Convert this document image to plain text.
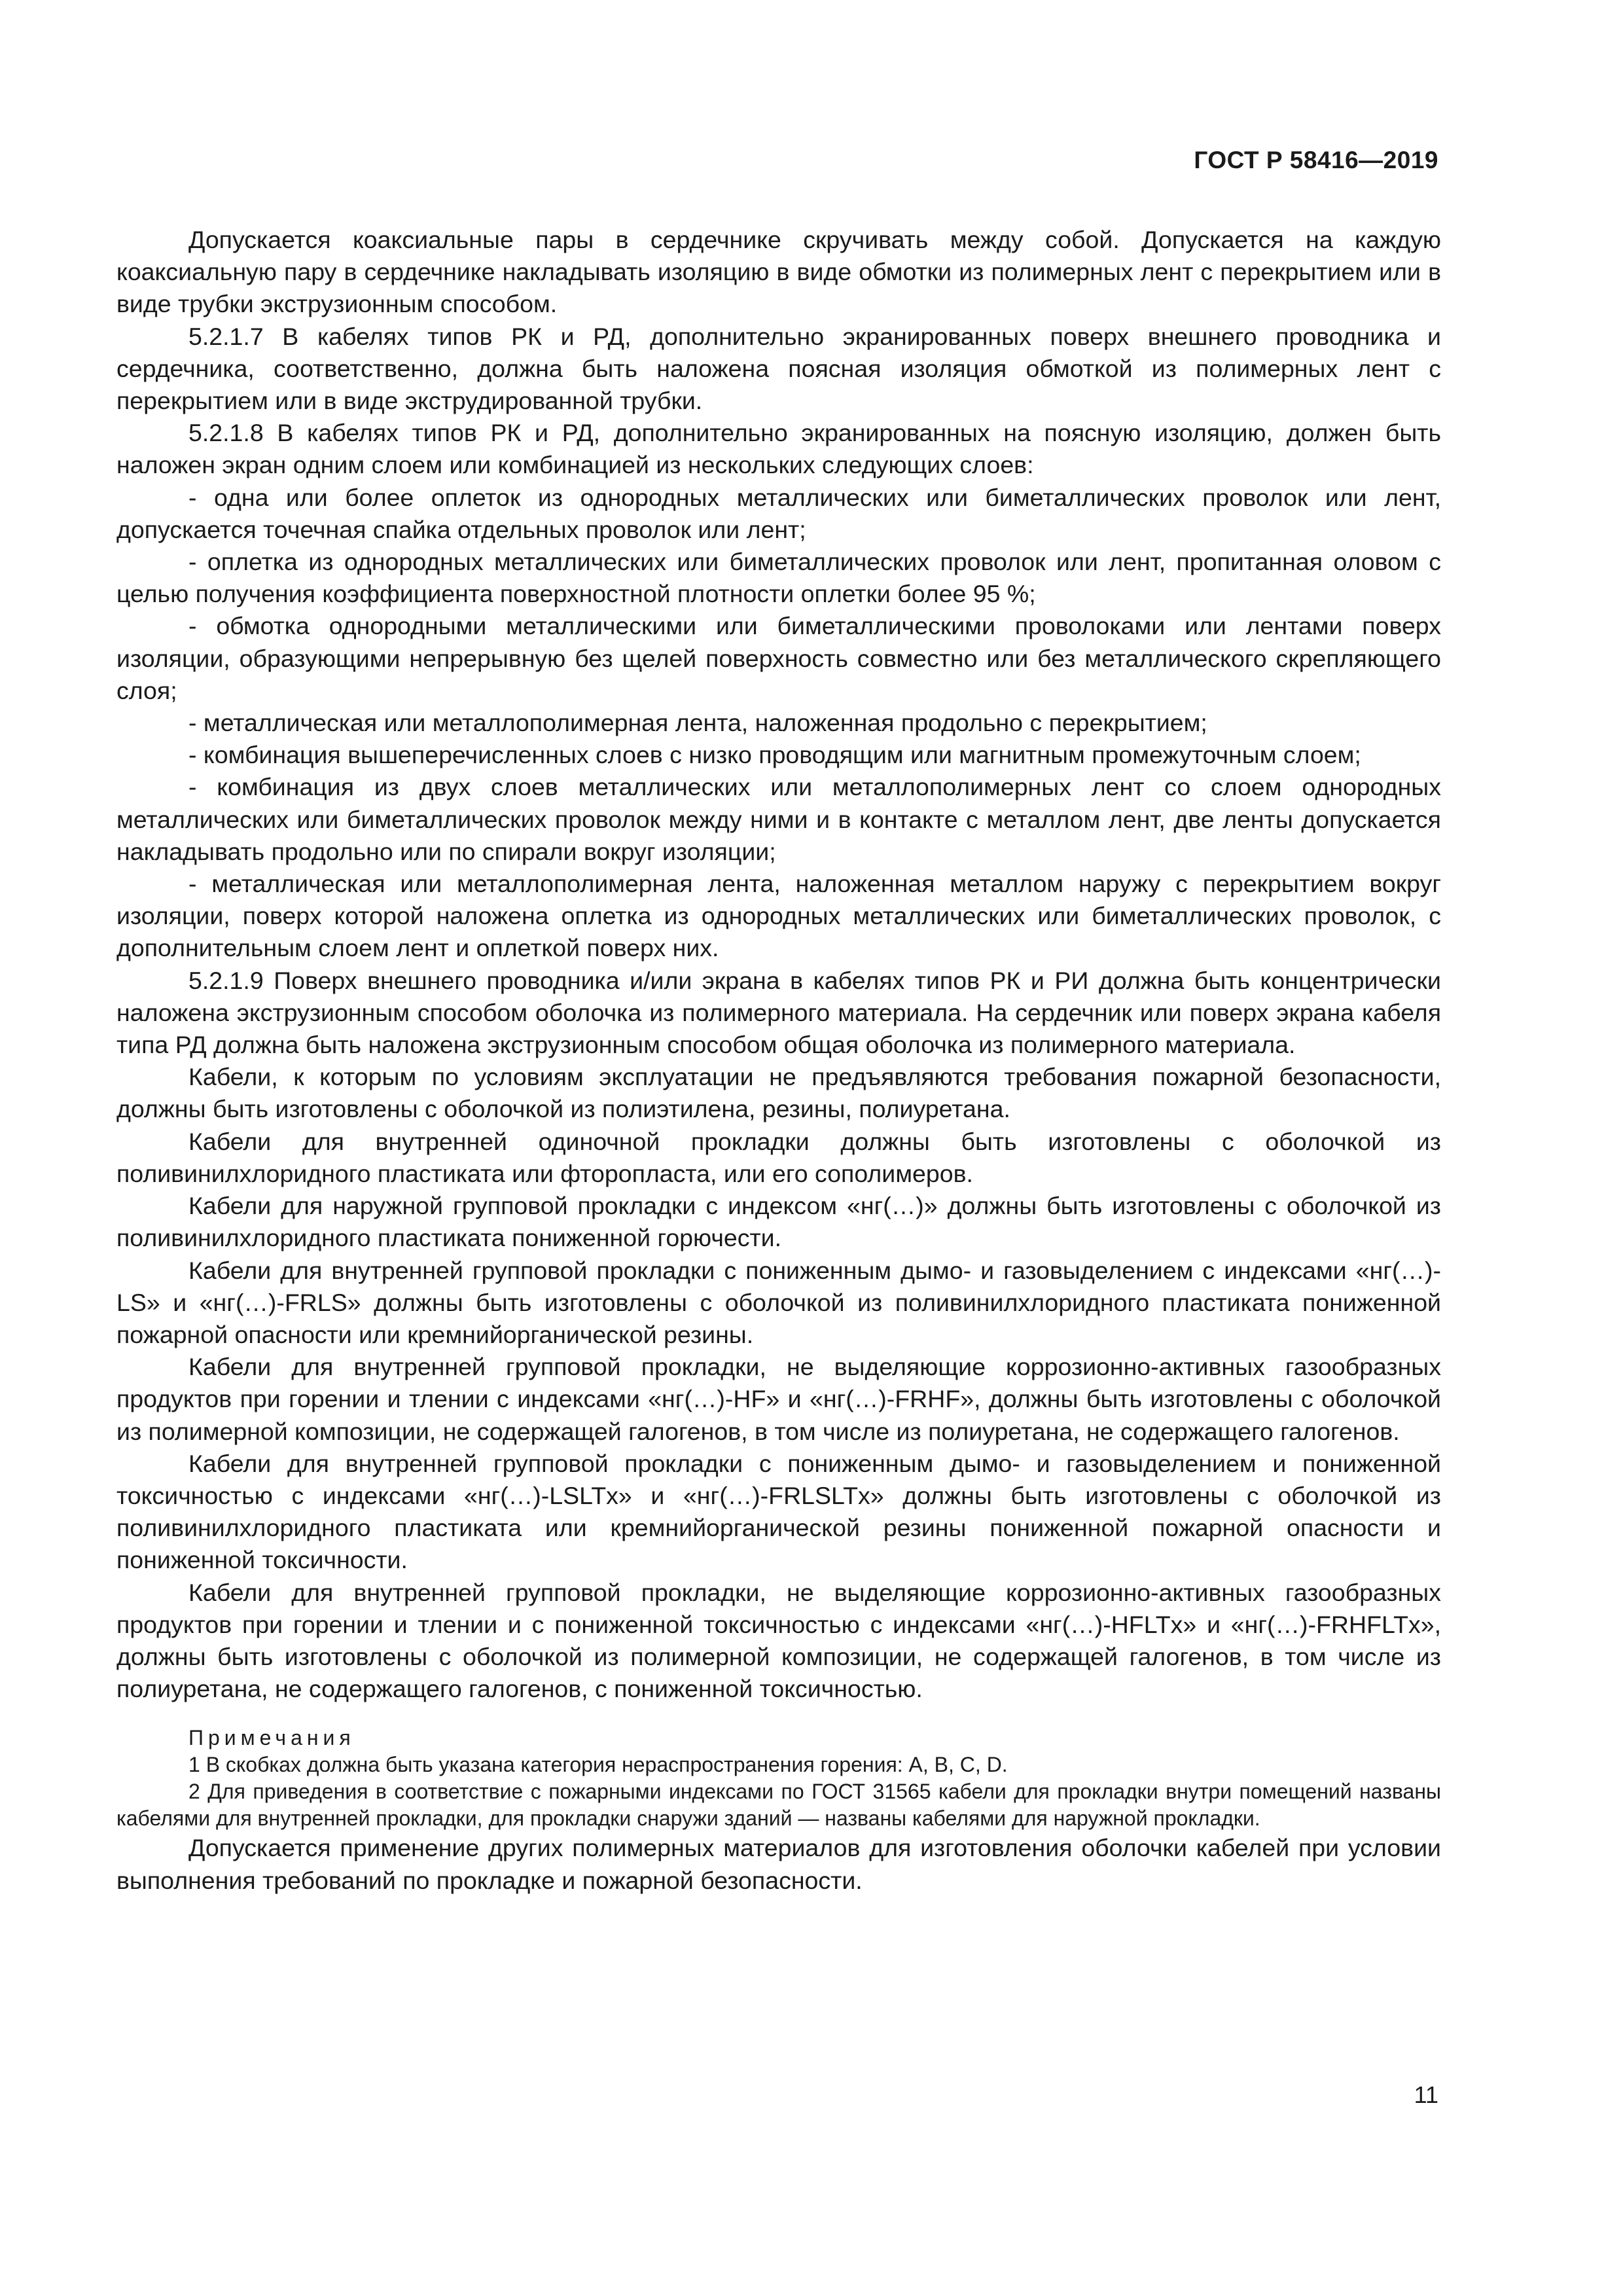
ГОСТ Р 58416—2019

Допускается коаксиальные пары в сердечнике скручивать между собой. Допускается на каждую коаксиальную пару в сердечнике накладывать изоляцию в виде обмотки из полимерных лент с перекрытием или в виде трубки экструзионным способом.

5.2.1.7 В кабелях типов РК и РД, дополнительно экранированных поверх внешнего проводника и сердечника, соответственно, должна быть наложена поясная изоляция обмоткой из полимерных лент с перекрытием или в виде экструдированной трубки.

5.2.1.8 В кабелях типов РК и РД, дополнительно экранированных на поясную изоляцию, должен быть наложен экран одним слоем или комбинацией из нескольких следующих слоев:

- одна или более оплеток из однородных металлических или биметаллических проволок или лент, допускается точечная спайка отдельных проволок или лент;

- оплетка из однородных металлических или биметаллических проволок или лент, пропитанная оловом с целью получения коэффициента поверхностной плотности оплетки более 95 %;

- обмотка однородными металлическими или биметаллическими проволоками или лентами поверх изоляции, образующими непрерывную без щелей поверхность совместно или без металлического скрепляющего слоя;

- металлическая или металлополимерная лента, наложенная продольно с перекрытием;

- комбинация вышеперечисленных слоев с низко проводящим или магнитным промежуточным слоем;

- комбинация из двух слоев металлических или металлополимерных лент со слоем однородных металлических или биметаллических проволок между ними и в контакте с металлом лент, две ленты допускается накладывать продольно или по спирали вокруг изоляции;

- металлическая или металлополимерная лента, наложенная металлом наружу с перекрытием вокруг изоляции, поверх которой наложена оплетка из однородных металлических или биметаллических проволок, с дополнительным слоем лент и оплеткой поверх них.

5.2.1.9 Поверх внешнего проводника и/или экрана в кабелях типов РК и РИ должна быть концентрически наложена экструзионным способом оболочка из полимерного материала. На сердечник или поверх экрана кабеля типа РД должна быть наложена экструзионным способом общая оболочка из полимерного материала.

Кабели, к которым по условиям эксплуатации не предъявляются требования пожарной безопасности, должны быть изготовлены с оболочкой из полиэтилена, резины, полиуретана.

Кабели для внутренней одиночной прокладки должны быть изготовлены с оболочкой из поливинилхлоридного пластиката или фторопласта, или его сополимеров.

Кабели для наружной групповой прокладки с индексом «нг(…)» должны быть изготовлены с оболочкой из поливинилхлоридного пластиката пониженной горючести.

Кабели для внутренней групповой прокладки с пониженным дымо- и газовыделением с индексами «нг(…)-LS» и «нг(…)-FRLS» должны быть изготовлены с оболочкой из поливинилхлоридного пластиката пониженной пожарной опасности или кремнийорганической резины.

Кабели для внутренней групповой прокладки, не выделяющие коррозионно-активных газообразных продуктов при горении и тлении с индексами «нг(…)-HF» и «нг(…)-FRHF», должны быть изготовлены с оболочкой из полимерной композиции, не содержащей галогенов, в том числе из полиуретана, не содержащего галогенов.

Кабели для внутренней групповой прокладки с пониженным дымо- и газовыделением и пониженной токсичностью с индексами «нг(…)-LSLTx» и «нг(…)-FRLSLTx» должны быть изготовлены с оболочкой из поливинилхлоридного пластиката или кремнийорганической резины пониженной пожарной опасности и пониженной токсичности.

Кабели для внутренней групповой прокладки, не выделяющие коррозионно-активных газообразных продуктов при горении и тлении и с пониженной токсичностью с индексами «нг(…)-HFLTx» и «нг(…)-FRHFLTx», должны быть изготовлены с оболочкой из полимерной композиции, не содержащей галогенов, в том числе из полиуретана, не содержащего галогенов, с пониженной токсичностью.

Примечания

1 В скобках должна быть указана категория нераспространения горения: A, B, C, D.

2 Для приведения в соответствие с пожарными индексами по ГОСТ 31565 кабели для прокладки внутри помещений названы кабелями для внутренней прокладки, для прокладки снаружи зданий — названы кабелями для наружной прокладки.

Допускается применение других полимерных материалов для изготовления оболочки кабелей при условии выполнения требований по прокладке и пожарной безопасности.

11
